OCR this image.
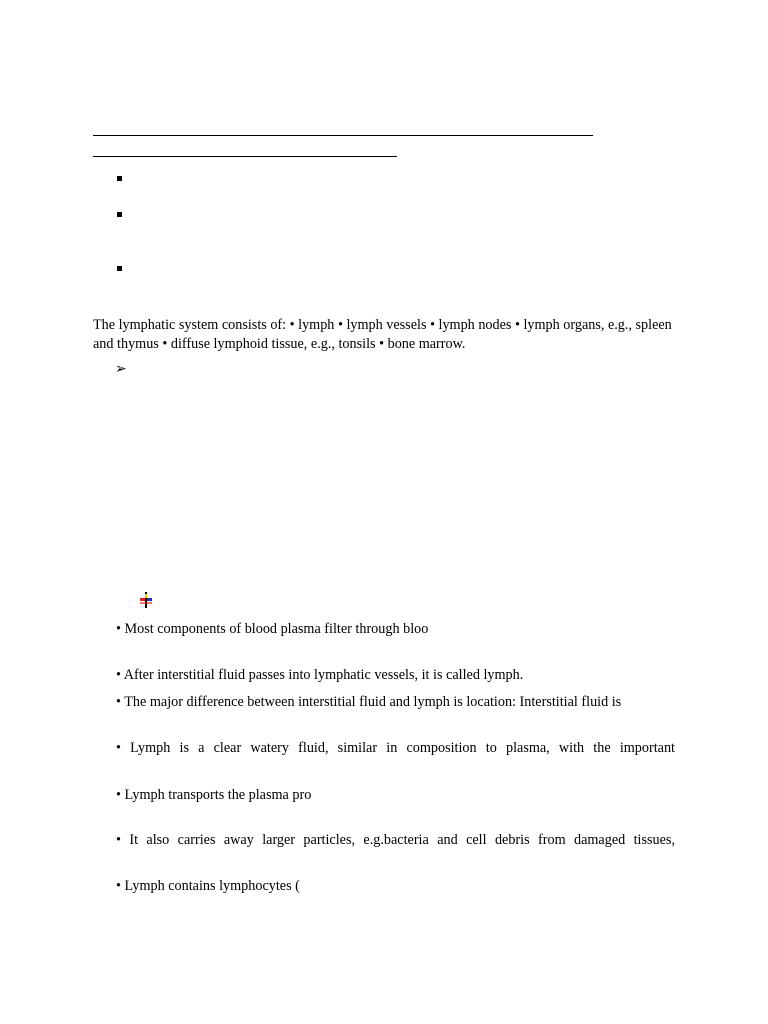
The lymphatic system consists of: • lymph • lymph vessels • lymph nodes • lymph organs, e.g., spleen and thymus • diffuse lymphoid tissue, e.g., tonsils • bone marrow.

➢

• Most components of blood plasma filter through bloo

• After interstitial fluid passes into lymphatic vessels, it is called lymph.

• The major difference between interstitial fluid and lymph is location: Interstitial fluid is

• Lymph is a clear watery fluid, similar in composition to plasma, with the important

• Lymph transports the plasma pro

• It also carries away larger particles, e.g.bacteria and cell debris from damaged tissues,

• Lymph contains lymphocytes (
